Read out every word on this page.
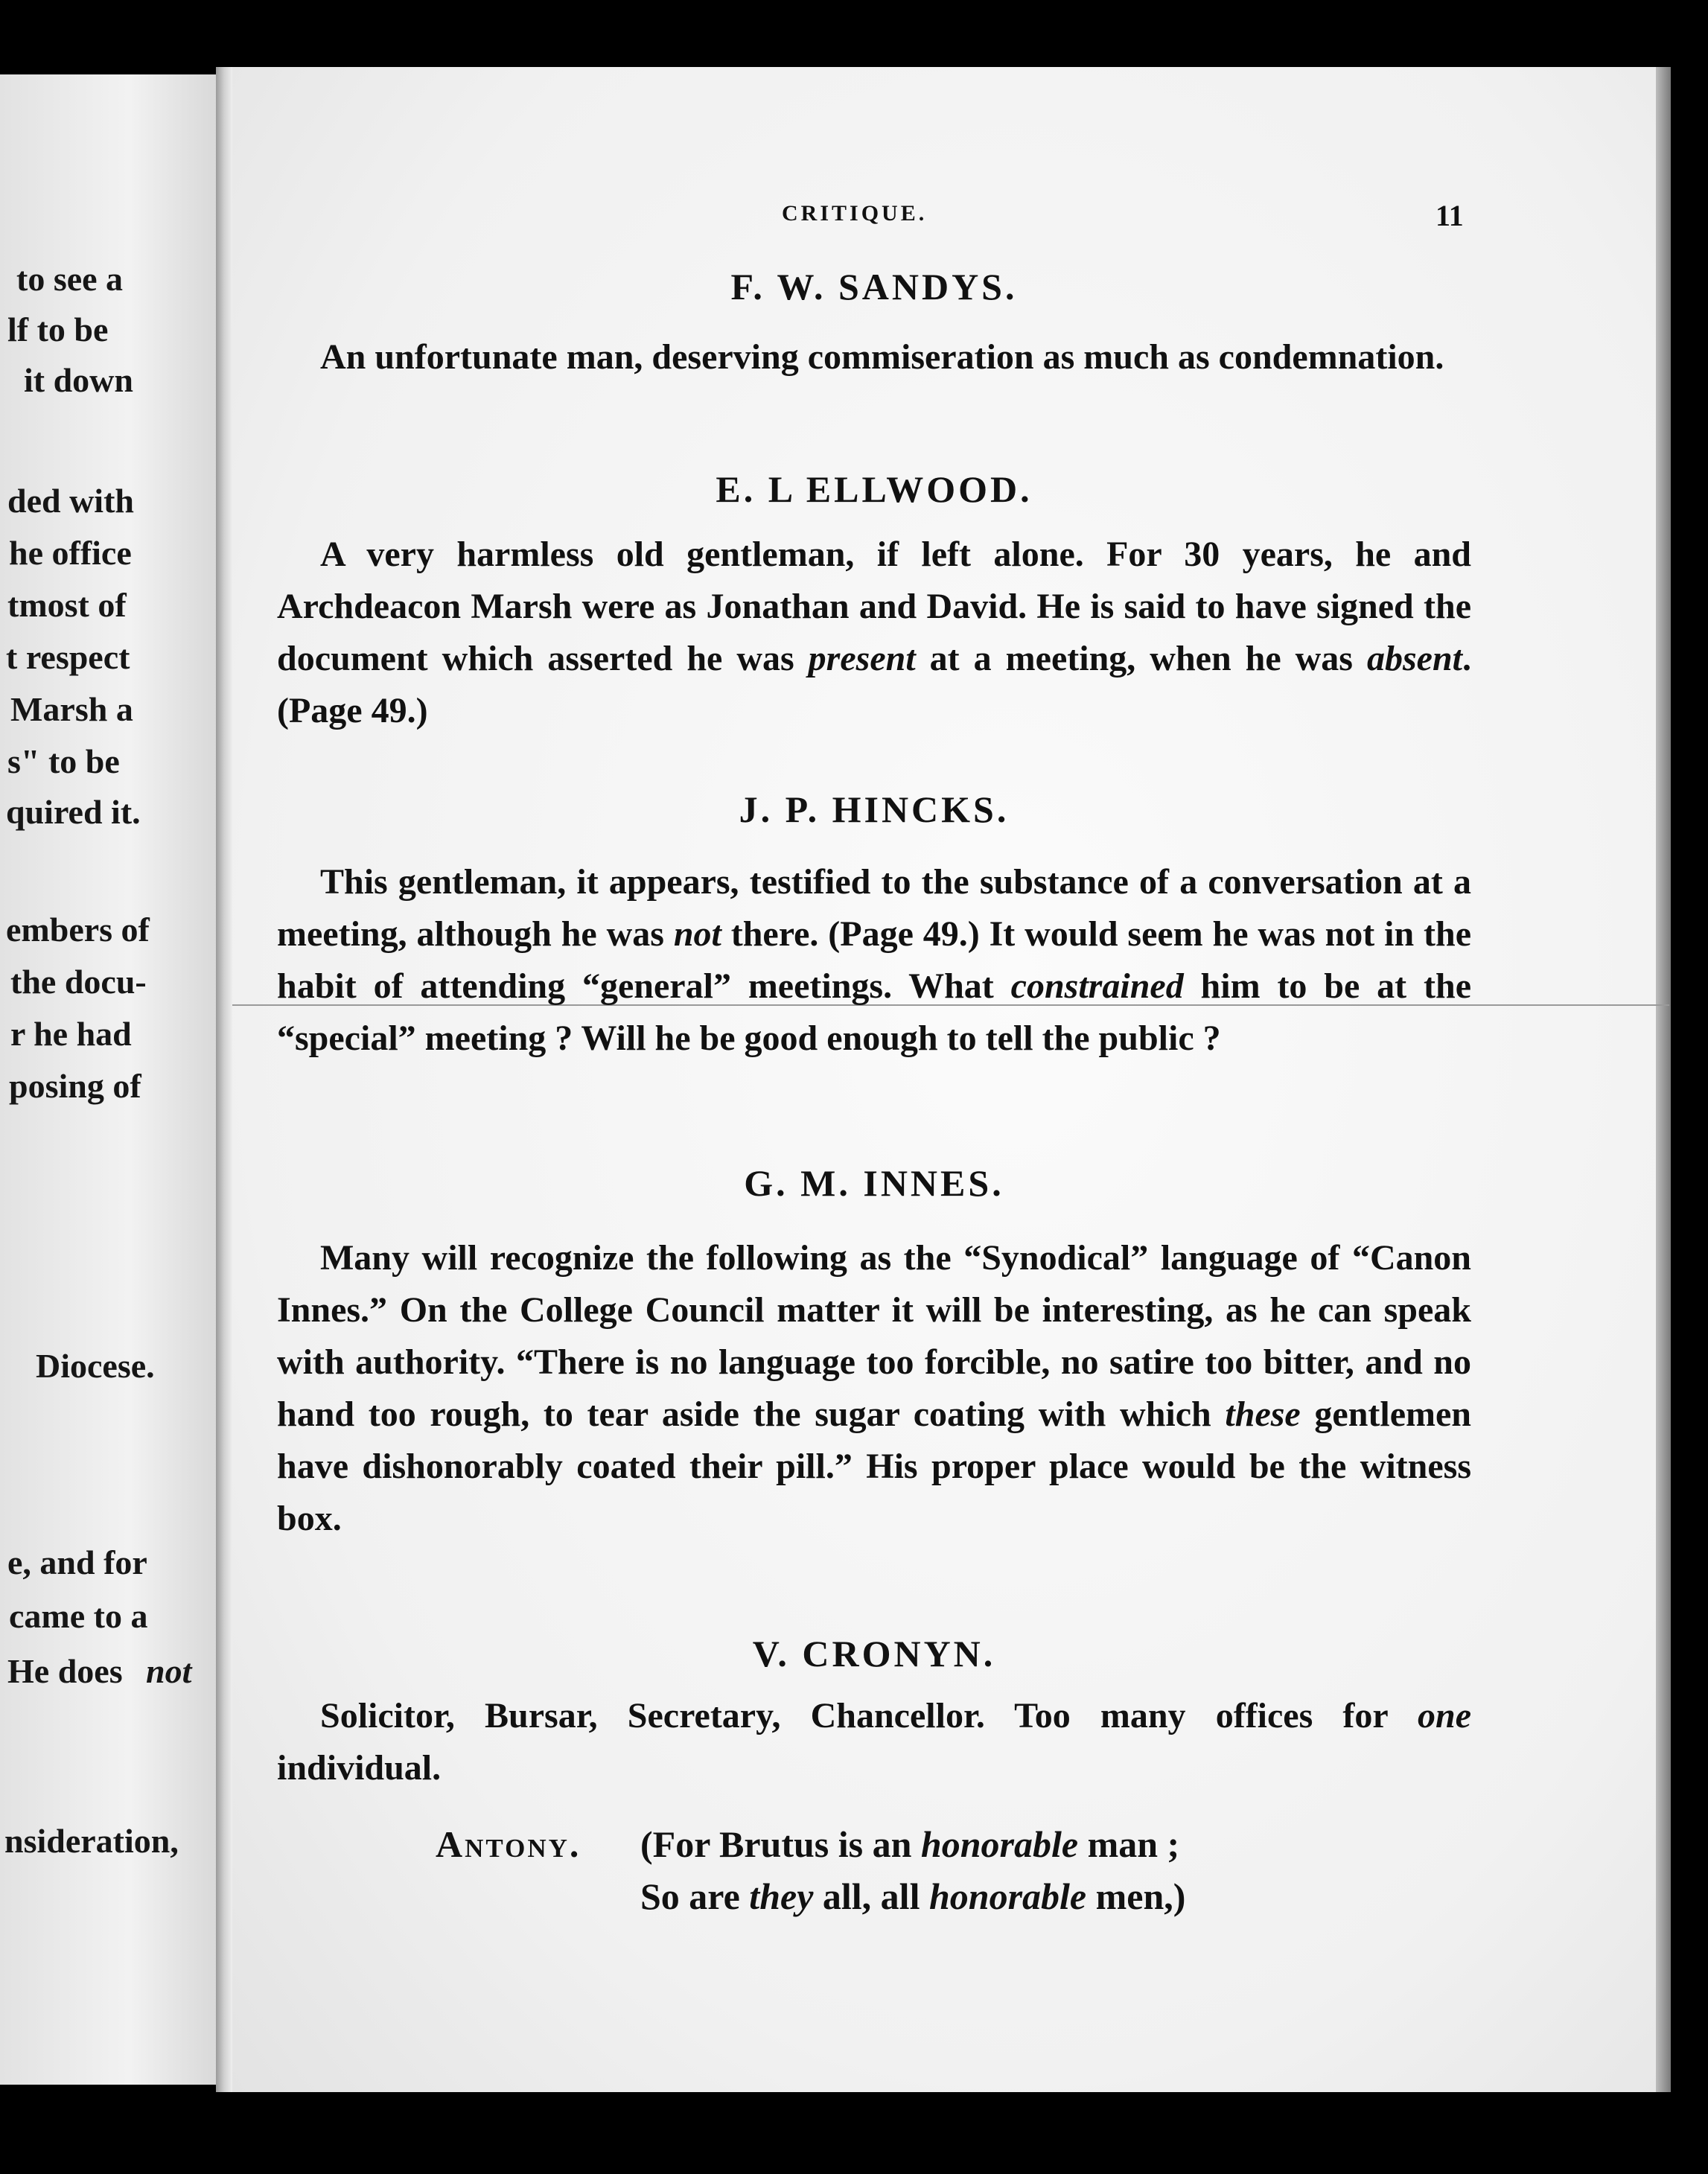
to see a
lf to be
it down
ded with
he office
tmost of
t respect
Marsh a
s" to be
quired it.
embers of
the docu-
r he had
posing of
Diocese.
e, and for
came to a
He does not
nsideration,
CRITIQUE.	11
F. W. SANDYS.
An unfortunate man, deserving commiseration as much as condemnation.
E. L ELLWOOD.
A very harmless old gentleman, if left alone. For 30 years, he and Archdeacon Marsh were as Jonathan and David. He is said to have signed the document which asserted he was present at a meeting, when he was absent. (Page 49.)
J. P. HINCKS.
This gentleman, it appears, testified to the substance of a conversation at a meeting, although he was not there. (Page 49.) It would seem he was not in the habit of attending “general” meetings. What constrained him to be at the “special” meeting ? Will he be good enough to tell the public ?
G. M. INNES.
Many will recognize the following as the “Synodical” language of “Canon Innes.” On the College Council matter it will be interesting, as he can speak with authority. “There is no language too forcible, no satire too bitter, and no hand too rough, to tear aside the sugar coating with which these gentlemen have dishonorably coated their pill.” His proper place would be the witness box.
V. CRONYN.
Solicitor, Bursar, Secretary, Chancellor. Too many offices for one individual.
Antony. (For Brutus is an honorable man ;
So are they all, all honorable men,)
